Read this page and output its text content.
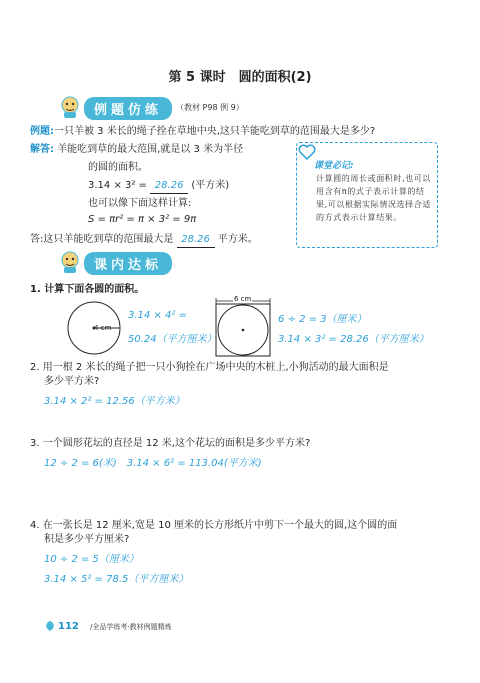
第 5 课时　圆的面积(2)
例题仿练	（教材 P98 例 9）
例题:一只羊被 3 米长的绳子拴在草地中央,这只羊能吃到草的范围最大是多少?
解答: 羊能吃到草的最大范围,就是以 3 米为半径
的圆的面积。
3.14 × 3² = 28.26 (平方米)
也可以像下面这样计算:
S = πr² = π × 3² = 9π
答:这只羊能吃到草的范围最大是 28.26 平方米。
课堂必记:
计算圆的周长或面积时,也可以用含有π的式子表示计算的结果,可以根据实际情况选择合适的方式表示计算结果。
课内达标
1. 计算下面各圆的面积。
4 cm
3.14 × 4² =
50.24（平方厘米）
6 cm
6 ÷ 2 = 3（厘米）
3.14 × 3² = 28.26（平方厘米）
2. 用一根 2 米长的绳子把一只小狗拴在广场中央的木桩上,小狗活动的最大面积是
多少平方米?
3.14 × 2² = 12.56（平方米）
3. 一个圆形花坛的直径是 12 米,这个花坛的面积是多少平方米?
12 ÷ 2 = 6(米)　3.14 × 6² = 113.04(平方米)
4. 在一张长是 12 厘米,宽是 10 厘米的长方形纸片中剪下一个最大的圆,这个圆的面
积是多少平方厘米?
10 ÷ 2 = 5（厘米）
3.14 × 5² = 78.5（平方厘米）
112 /全品学练考·教材例题精炼
